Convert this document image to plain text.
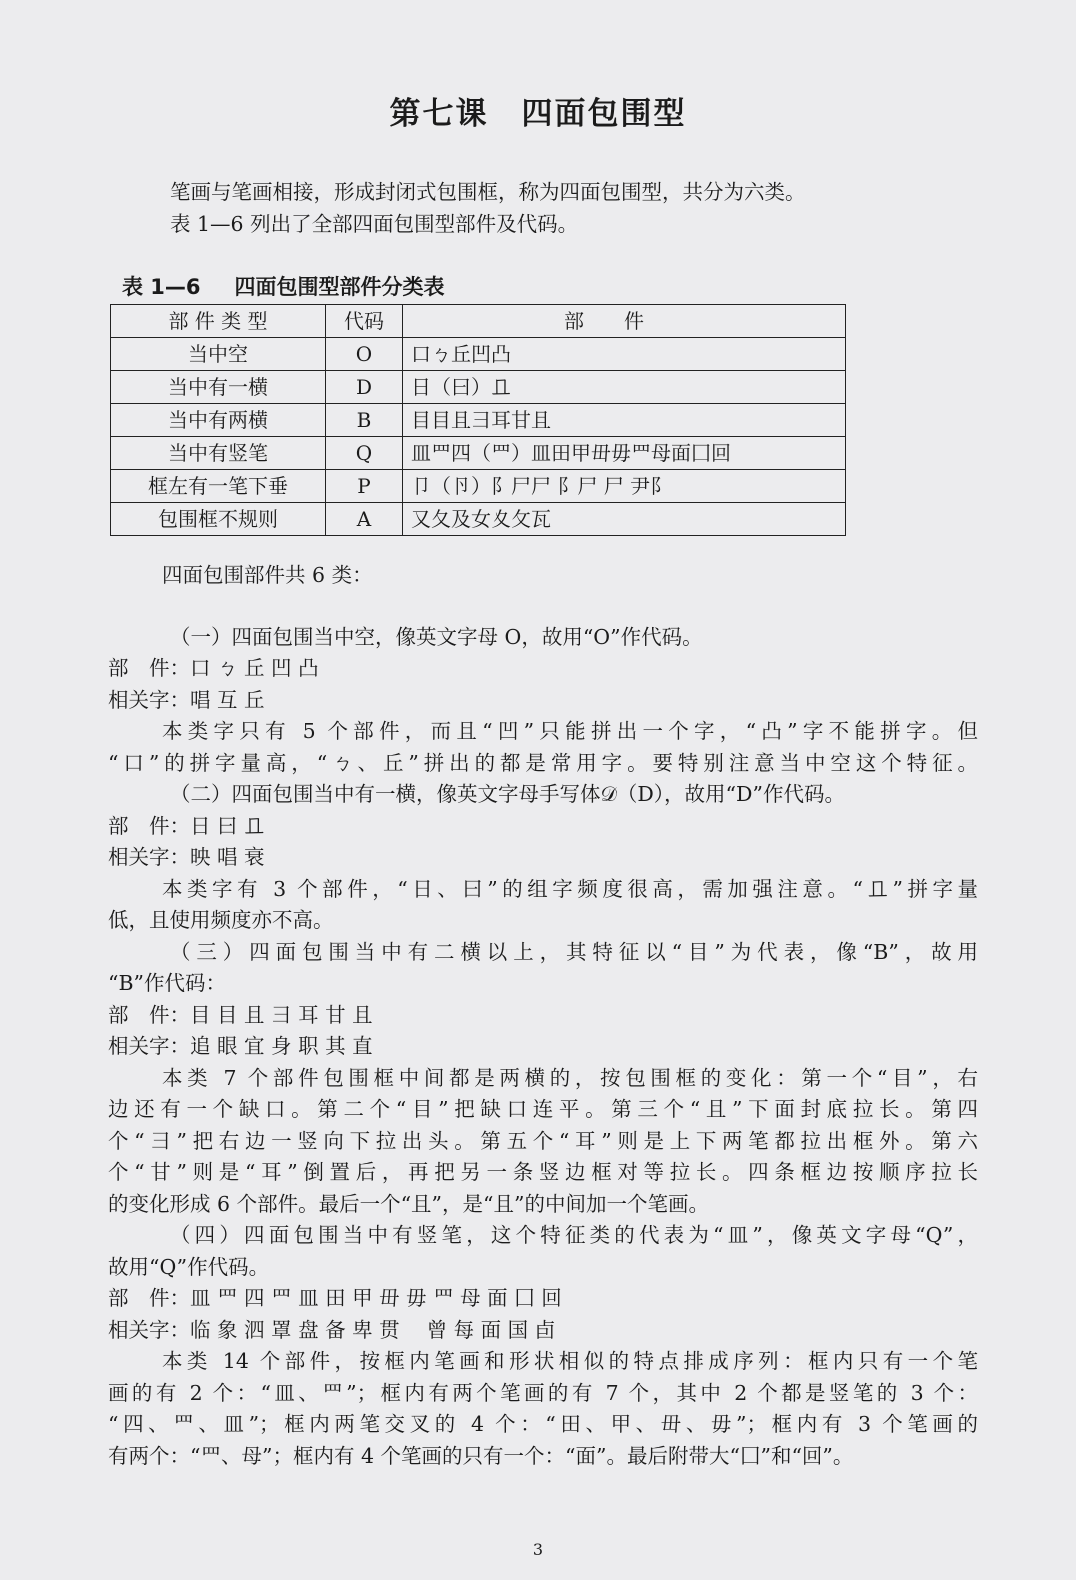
第七课　四面包围型

笔画与笔画相接，形成封闭式包围框，称为四面包围型，共分为六类。

表 1—6 列出了全部四面包围型部件及代码。

表 1—6 四面包围型部件分类表

部 件 类 型	代码	部件
当中空	O	口ㄅ丘凹凸
当中有一横	D	日（曰）𠀃
当中有两横	B	目目且彐耳甘且
当中有竖笔	Q	皿罒四（罒）皿田甲毌毋罒母面囗回
框左有一笔下垂	P	卩（卪）阝尸尸 阝尸 尸 尹阝
包围框不规则	A	又夂及女夊攵瓦

四面包围部件共 6 类：

（一）四面包围当中空，像英文字母 O，故用“O”作代码。

部　件：口 ㄅ 丘 凹 凸

相关字：唱 互 丘

本类字只有 5 个部件，而且“凹”只能拼出一个字，“凸”字不能拼字。但

“口”的拼字量高，“ㄅ、丘”拼出的都是常用字。要特别注意当中空这个特征。

（二）四面包围当中有一横，像英文字母手写体𝒟（D），故用“D”作代码。

部　件：日 曰 𠀃

相关字：映 唱 衰

本类字有 3 个部件，“日、曰”的组字频度很高，需加强注意。“𠀃”拼字量

低，且使用频度亦不高。

（三）四面包围当中有二横以上，其特征以“目”为代表，像“B”，故用

“B”作代码：

部　件：目 目 且 彐 耳 甘 且

相关字：追 眼 宜 身 职 其 直

本类 7 个部件包围框中间都是两横的，按包围框的变化：第一个“目”，右

边还有一个缺口。第二个“目”把缺口连平。第三个“且”下面封底拉长。第四

个“彐”把右边一竖向下拉出头。第五个“耳”则是上下两笔都拉出框外。第六

个“甘”则是“耳”倒置后，再把另一条竖边框对等拉长。四条框边按顺序拉长

的变化形成 6 个部件。最后一个“且”，是“且”的中间加一个笔画。

（四）四面包围当中有竖笔，这个特征类的代表为“皿”，像英文字母“Q”，

故用“Q”作代码。

部　件：皿 罒 四 罒 皿 田 甲 毌 毋 罒 母 面 囗 回

相关字：临 象 泗 罩 盘 备 卑 贯　 曾 每 面 国 卣

本类 14 个部件，按框内笔画和形状相似的特点排成序列：框内只有一个笔

画的有 2 个：“皿、罒”；框内有两个笔画的有 7 个，其中 2 个都是竖笔的 3 个：

“四、罒、皿”；框内两笔交叉的 4 个：“田、甲、毌、毋”；框内有 3 个笔画的

有两个：“罒、母”；框内有 4 个笔画的只有一个：“面”。最后附带大“囗”和“回”。

3
